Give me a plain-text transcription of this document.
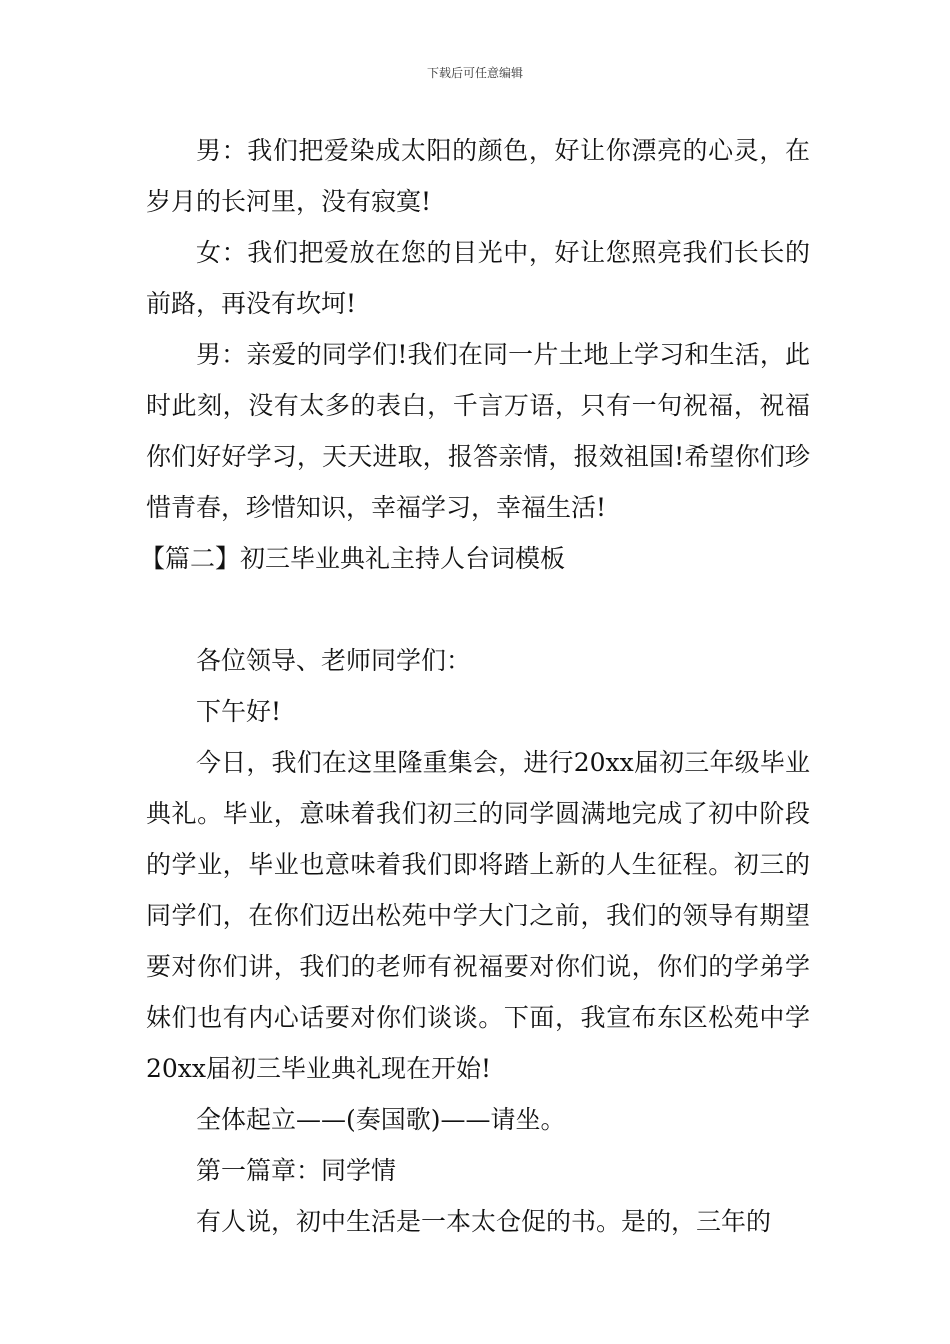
下载后可任意编辑

男：我们把爱染成太阳的颜色，好让你漂亮的心灵，在岁月的长河里，没有寂寞!

女：我们把爱放在您的目光中，好让您照亮我们长长的前路，再没有坎坷!

男：亲爱的同学们!我们在同一片土地上学习和生活，此时此刻，没有太多的表白，千言万语，只有一句祝福，祝福你们好好学习，天天进取，报答亲情，报效祖国!希望你们珍惜青春，珍惜知识，幸福学习，幸福生活!

【篇二】初三毕业典礼主持人台词模板

各位领导、老师同学们：

下午好!

今日，我们在这里隆重集会，进行20xx届初三年级毕业典礼。毕业，意味着我们初三的同学圆满地完成了初中阶段的学业，毕业也意味着我们即将踏上新的人生征程。初三的同学们，在你们迈出松苑中学大门之前，我们的领导有期望要对你们讲，我们的老师有祝福要对你们说，你们的学弟学妹们也有内心话要对你们谈谈。下面，我宣布东区松苑中学20xx届初三毕业典礼现在开始!

全体起立——(奏国歌)——请坐。

第一篇章：同学情

有人说，初中生活是一本太仓促的书。是的，三年的
